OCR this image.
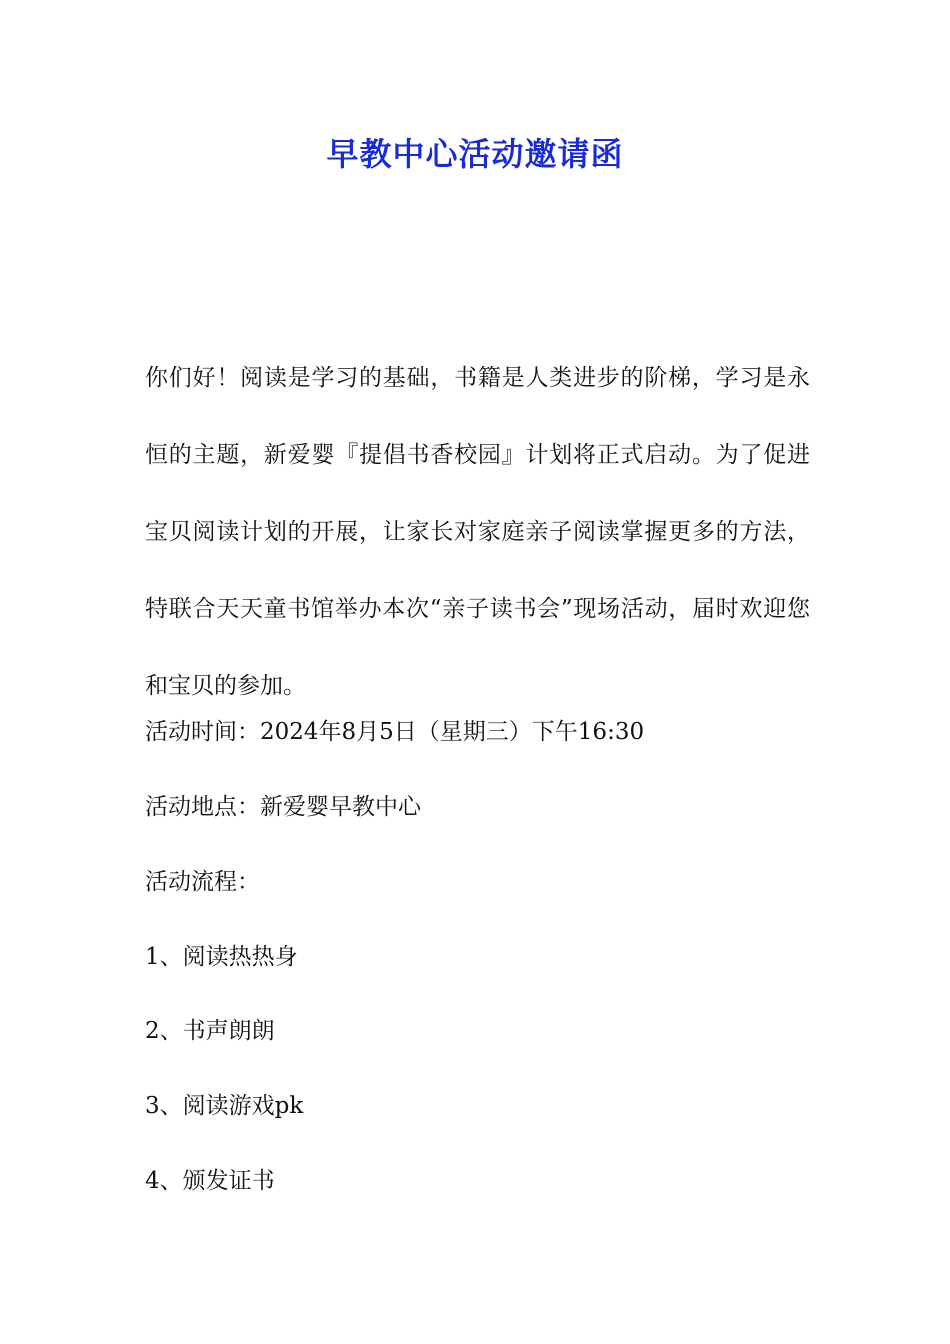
早教中心活动邀请函

你们好！阅读是学习的基础，书籍是人类进步的阶梯，学习是永恒的主题，新爱婴『提倡书香校园』计划将正式启动。为了促进宝贝阅读计划的开展，让家长对家庭亲子阅读掌握更多的方法，特联合天天童书馆举办本次“亲子读书会”现场活动，届时欢迎您和宝贝的参加。

活动时间：2024年8月5日（星期三）下午16:30

活动地点：新爱婴早教中心

活动流程：

1、阅读热热身

2、书声朗朗

3、阅读游戏pk

4、颁发证书
